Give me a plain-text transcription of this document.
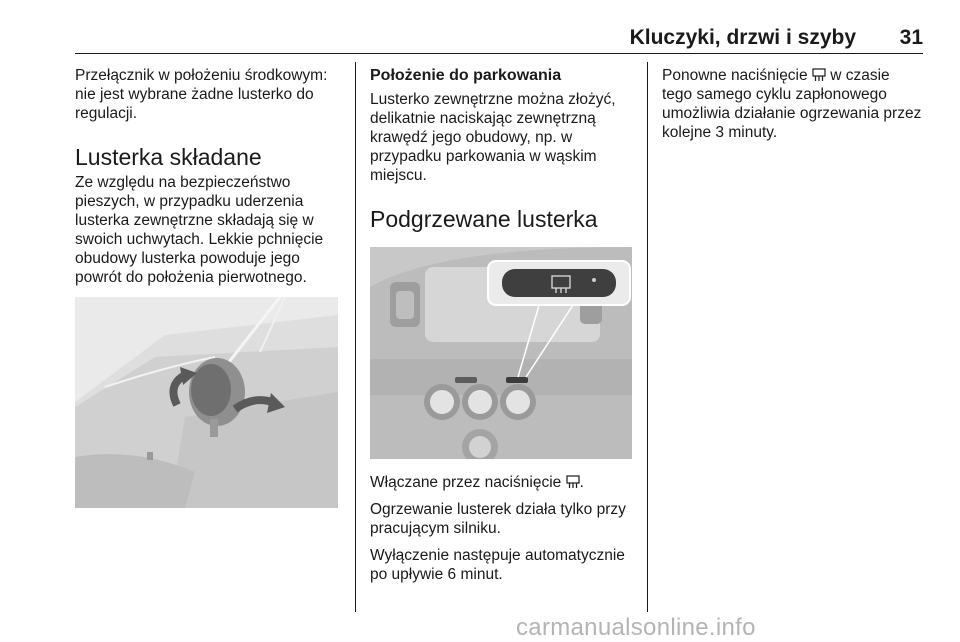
Kluczyki, drzwi i szyby 31

Przełącznik w położeniu środkowym: nie jest wybrane żadne lusterko do regulacji.

Lusterka składane

Ze względu na bezpieczeństwo pieszych, w przypadku uderzenia lusterka zewnętrzne składają się w swoich uchwytach. Lekkie pchnięcie obudowy lusterka powoduje jego powrót do położenia pierwotnego.

Położenie do parkowania

Lusterko zewnętrzne można złożyć, delikatnie naciskając zewnętrzną krawędź jego obudowy, np. w przypadku parkowania w wąskim miejscu.

Podgrzewane lusterka

Włączane przez naciśnięcie .

Ogrzewanie lusterek działa tylko przy pracującym silniku.

Wyłączenie następuje automatycznie po upływie 6 minut.

Ponowne naciśnięcie  w czasie tego samego cyklu zapłonowego umożliwia działanie ogrzewania przez kolejne 3 minuty.

carmanualsonline.info
